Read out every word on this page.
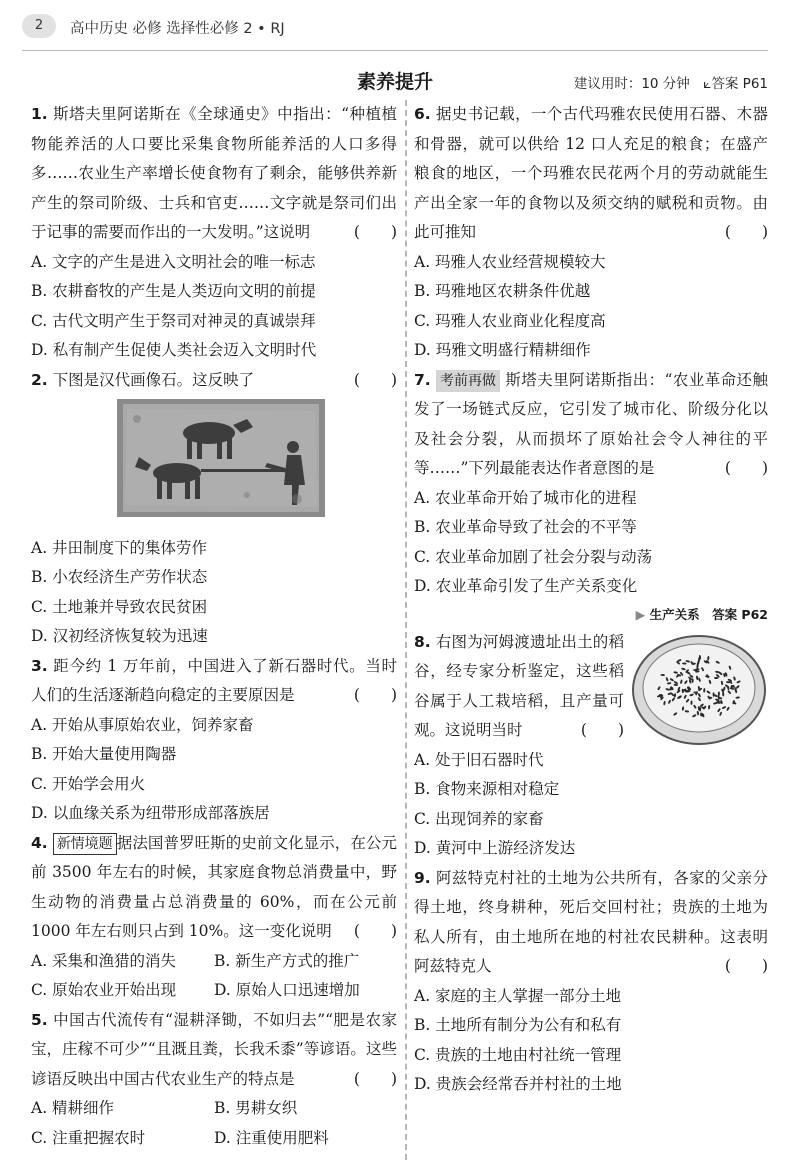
2	高中历史 必修 选择性必修 2 • RJ
素养提升	建议用时：10 分钟　⟀答案 P61
1. 斯塔夫里阿诺斯在《全球通史》中指出：“种植植物能养活的人口要比采集食物所能养活的人口多得多……农业生产率增长使食物有了剩余，能够供养新产生的祭司阶级、士兵和官吏……文字就是祭司们出于记事的需要而作出的一大发明。”这说明	(　　)
A. 文字的产生是进入文明社会的唯一标志
B. 农耕畜牧的产生是人类迈向文明的前提
C. 古代文明产生于祭司对神灵的真诚崇拜
D. 私有制产生促使人类社会迈入文明时代
2. 下图是汉代画像石。这反映了	(　　)
A. 井田制度下的集体劳作
B. 小农经济生产劳作状态
C. 土地兼并导致农民贫困
D. 汉初经济恢复较为迅速
3. 距今约 1 万年前，中国进入了新石器时代。当时人们的生活逐渐趋向稳定的主要原因是	(　　)
A. 开始从事原始农业，饲养家畜
B. 开始大量使用陶器
C. 开始学会用火
D. 以血缘关系为纽带形成部落族居
4. 新情境题 据法国普罗旺斯的史前文化显示，在公元前 3500 年左右的时候，其家庭食物总消费量中，野生动物的消费量占总消费量的 60%，而在公元前 1000 年左右则只占到 10%。这一变化说明 (　　)
A. 采集和渔猎的消失	B. 新生产方式的推广
C. 原始农业开始出现	D. 原始人口迅速增加
5. 中国古代流传有“湿耕泽锄，不如归去”“肥是农家宝，庄稼不可少”“且溉且粪，长我禾黍”等谚语。这些谚语反映出中国古代农业生产的特点是	(　　)
A. 精耕细作	B. 男耕女织
C. 注重把握农时	D. 注重使用肥料
6. 据史书记载，一个古代玛雅农民使用石器、木器和骨器，就可以供给 12 口人充足的粮食；在盛产粮食的地区，一个玛雅农民花两个月的劳动就能生产出全家一年的食物以及须交纳的赋税和贡物。由此可推知	(　　)
A. 玛雅人农业经营规模较大
B. 玛雅地区农耕条件优越
C. 玛雅人农业商业化程度高
D. 玛雅文明盛行精耕细作
7. 考前再做 斯塔夫里阿诺斯指出：“农业革命还触发了一场链式反应，它引发了城市化、阶级分化以及社会分裂，从而损坏了原始社会令人神往的平等……”下列最能表达作者意图的是	(　　)
A. 农业革命开始了城市化的进程
B. 农业革命导致了社会的不平等
C. 农业革命加剧了社会分裂与动荡
D. 农业革命引发了生产关系变化
▶ 生产关系　答案 P62
8. 右图为河姆渡遗址出土的稻谷，经专家分析鉴定，这些稻谷属于人工栽培稻，且产量可观。这说明当时	(　　)
A. 处于旧石器时代
B. 食物来源相对稳定
C. 出现饲养的家畜
D. 黄河中上游经济发达
9. 阿兹特克村社的土地为公共所有，各家的父亲分得土地，终身耕种，死后交回村社；贵族的土地为私人所有，由土地所在地的村社农民耕种。这表明阿兹特克人	(　　)
A. 家庭的主人掌握一部分土地
B. 土地所有制分为公有和私有
C. 贵族的土地由村社统一管理
D. 贵族会经常吞并村社的土地
